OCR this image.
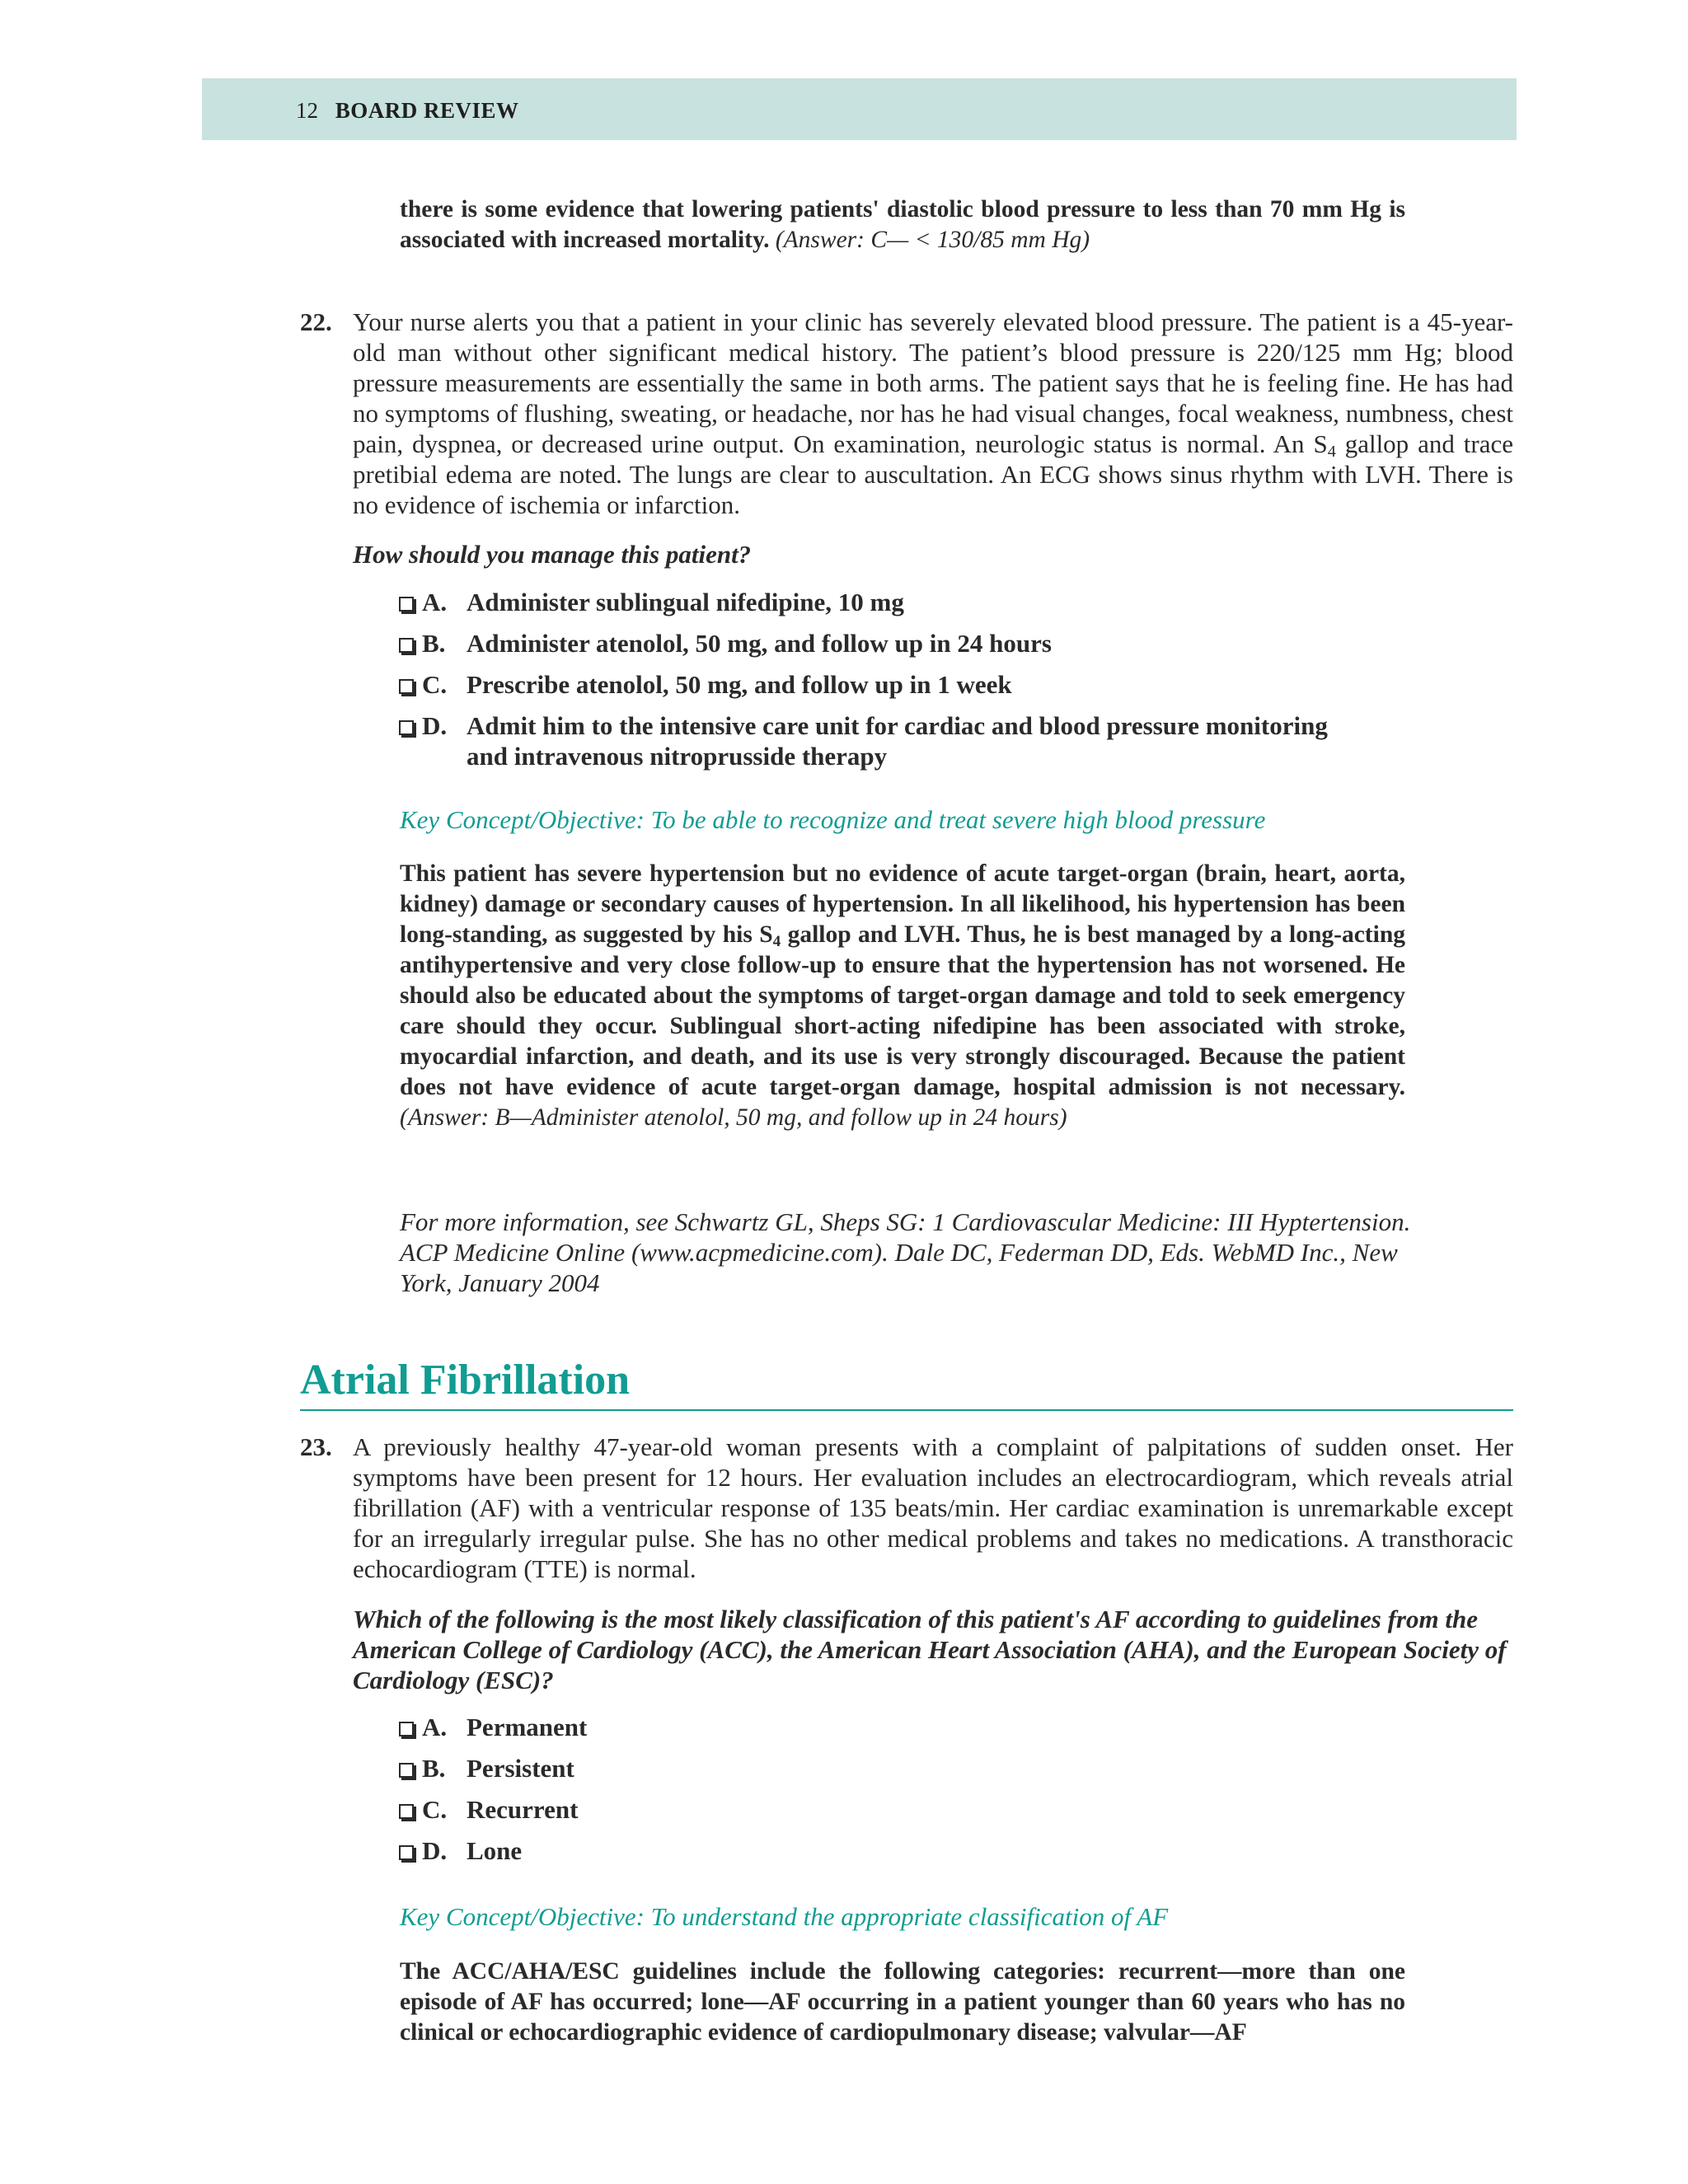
12 BOARD REVIEW
there is some evidence that lowering patients' diastolic blood pressure to less than 70 mm Hg is associated with increased mortality. (Answer: C— < 130/85 mm Hg)
22. Your nurse alerts you that a patient in your clinic has severely elevated blood pressure. The patient is a 45-year-old man without other significant medical history. The patient’s blood pressure is 220/125 mm Hg; blood pressure measurements are essentially the same in both arms. The patient says that he is feeling fine. He has had no symptoms of flushing, sweating, or headache, nor has he had visual changes, focal weakness, numbness, chest pain, dyspnea, or decreased urine output. On examination, neurologic status is normal. An $S_4$ gallop and trace pretibial edema are noted. The lungs are clear to auscultation. An ECG shows sinus rhythm with LVH. There is no evidence of ischemia or infarction.
How should you manage this patient?
A. Administer sublingual nifedipine, 10 mg
B. Administer atenolol, 50 mg, and follow up in 24 hours
C. Prescribe atenolol, 50 mg, and follow up in 1 week
D. Admit him to the intensive care unit for cardiac and blood pressure monitoring and intravenous nitroprusside therapy
Key Concept/Objective: To be able to recognize and treat severe high blood pressure
This patient has severe hypertension but no evidence of acute target-organ (brain, heart, aorta, kidney) damage or secondary causes of hypertension. In all likelihood, his hypertension has been long-standing, as suggested by his $S_4$ gallop and LVH. Thus, he is best managed by a long-acting antihypertensive and very close follow-up to ensure that the hypertension has not worsened. He should also be educated about the symptoms of target-organ damage and told to seek emergency care should they occur. Sublingual short-acting nifedipine has been associated with stroke, myocardial infarction, and death, and its use is very strongly discouraged. Because the patient does not have evidence of acute target-organ damage, hospital admission is not necessary. (Answer: B—Administer atenolol, 50 mg, and follow up in 24 hours)
For more information, see Schwartz GL, Sheps SG: 1 Cardiovascular Medicine: III Hyptertension. ACP Medicine Online (www.acpmedicine.com). Dale DC, Federman DD, Eds. WebMD Inc., New York, January 2004
Atrial Fibrillation
23. A previously healthy 47-year-old woman presents with a complaint of palpitations of sudden onset. Her symptoms have been present for 12 hours. Her evaluation includes an electrocardiogram, which reveals atrial fibrillation (AF) with a ventricular response of 135 beats/min. Her cardiac examination is unremarkable except for an irregularly irregular pulse. She has no other medical problems and takes no medications. A transthoracic echocardiogram (TTE) is normal.
Which of the following is the most likely classification of this patient's AF according to guidelines from the American College of Cardiology (ACC), the American Heart Association (AHA), and the European Society of Cardiology (ESC)?
A. Permanent
B. Persistent
C. Recurrent
D. Lone
Key Concept/Objective: To understand the appropriate classification of AF
The ACC/AHA/ESC guidelines include the following categories: recurrent—more than one episode of AF has occurred; lone—AF occurring in a patient younger than 60 years who has no clinical or echocardiographic evidence of cardiopulmonary disease; valvular—AF
